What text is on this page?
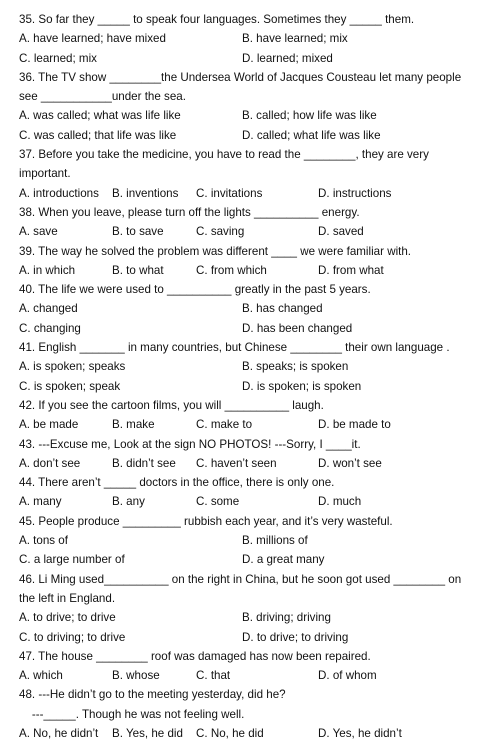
35. So far they _____ to speak four languages. Sometimes they _____ them.
A. have learned; have mixed	B. have learned; mix
C. learned; mix	D. learned; mixed
36. The TV show ________the Undersea World of Jacques Cousteau let many people
see ___________under the sea.
A. was called; what was life like	B. called; how life was like
C. was called; that life was like	D. called; what life was like
37. Before you take the medicine, you have to read the ________, they are very
important.
A. introductions	B. inventions	C. invitations	D. instructions
38. When you leave, please turn off the lights __________ energy.
A. save	B. to save	C. saving	D. saved
39. The way he solved the problem was different ____ we were familiar with.
A. in which	B. to what	C. from which	D. from what
40. The life we were used to __________ greatly in the past 5 years.
A. changed	B. has changed
C. changing	D. has been changed
41. English _______ in many countries, but Chinese ________ their own language .
A. is spoken; speaks	B. speaks; is spoken
C. is spoken; speak	D. is spoken; is spoken
42. If you see the cartoon films, you will __________ laugh.
A. be made	B. make	C. make to	D. be made to
43. ---Excuse me, Look at the sign NO PHOTOS! ---Sorry, I ____it.
A. don’t see	B. didn’t see	C. haven’t seen	D. won’t see
44. There aren’t _____ doctors in the office, there is only one.
A. many	B. any	C. some	D. much
45. People produce _________ rubbish each year, and it’s very wasteful.
A. tons of	B. millions of
C. a large number of	D. a great many
46. Li Ming used__________ on the right in China, but he soon got used ________ on
the left in England.
A. to drive; to drive	B. driving; driving
C. to driving; to drive	D. to drive; to driving
47. The house ________ roof was damaged has now been repaired.
A. which	B. whose	C. that	D. of whom
48. ---He didn’t go to the meeting yesterday, did he?
---_____. Though he was not feeling well.
A. No, he didn’t	B. Yes, he did	C. No, he did	D. Yes, he didn’t
